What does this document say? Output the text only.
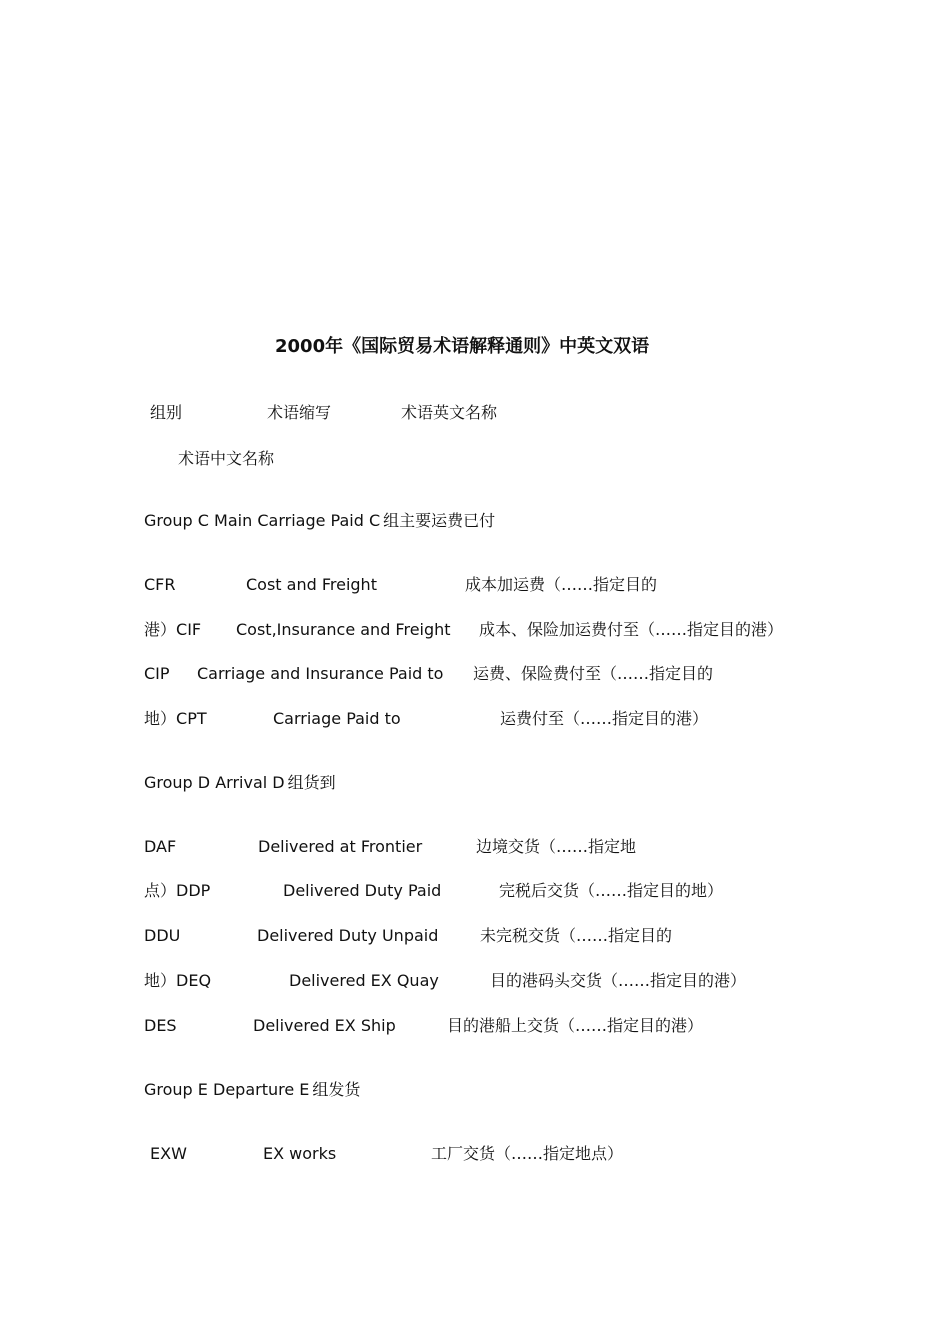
2000年《国际贸易术语解释通则》中英文双语
组别	术语缩写	术语英文名称
术语中文名称
Group C Main Carriage Paid C 组主要运费已付
CFR	Cost and Freight	成本加运费（……指定目的
港）CIF Cost,Insurance and Freight 成本、保险加运费付至（……指定目的港）
CIP Carriage and Insurance Paid to 运费、保险费付至（……指定目的
地）CPT	Carriage Paid to	运费付至（……指定目的港）
Group D Arrival D 组货到
DAF	Delivered at Frontier	边境交货（……指定地
点）DDP	Delivered Duty Paid	完税后交货（……指定目的地）
DDU	Delivered Duty Unpaid	未完税交货（……指定目的
地）DEQ	Delivered EX Quay	目的港码头交货（……指定目的港）
DES	Delivered EX Ship	目的港船上交货（……指定目的港）
Group E Departure E 组发货
EXW	EX works	工厂交货（……指定地点）
